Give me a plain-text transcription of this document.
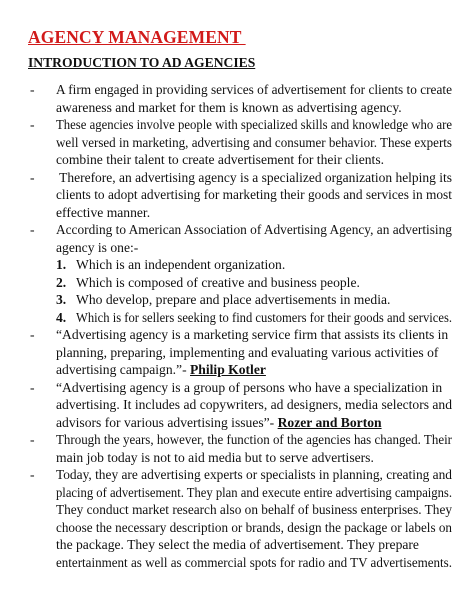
AGENCY MANAGEMENT
INTRODUCTION TO AD AGENCIES
- A firm engaged in providing services of advertisement for clients to create
awareness and market for them is known as advertising agency.
- These agencies involve people with specialized skills and knowledge who are
well versed in marketing, advertising and consumer behavior. These experts
combine their talent to create advertisement for their clients.
- Therefore, an advertising agency is a specialized organization helping its
clients to adopt advertising for marketing their goods and services in most
effective manner.
- According to American Association of Advertising Agency, an advertising
agency is one:-
1. Which is an independent organization.
2. Which is composed of creative and business people.
3. Who develop, prepare and place advertisements in media.
4. Which is for sellers seeking to find customers for their goods and services.
- “Advertising agency is a marketing service firm that assists its clients in
planning, preparing, implementing and evaluating various activities of
advertising campaign.”- Philip Kotler
- “Advertising agency is a group of persons who have a specialization in
advertising. It includes ad copywriters, ad designers, media selectors and
advisors for various advertising issues”- Rozer and Borton
- Through the years, however, the function of the agencies has changed. Their
main job today is not to aid media but to serve advertisers.
- Today, they are advertising experts or specialists in planning, creating and
placing of advertisement. They plan and execute entire advertising campaigns.
They conduct market research also on behalf of business enterprises. They
choose the necessary description or brands, design the package or labels on
the package. They select the media of advertisement. They prepare
entertainment as well as commercial spots for radio and TV advertisements.
